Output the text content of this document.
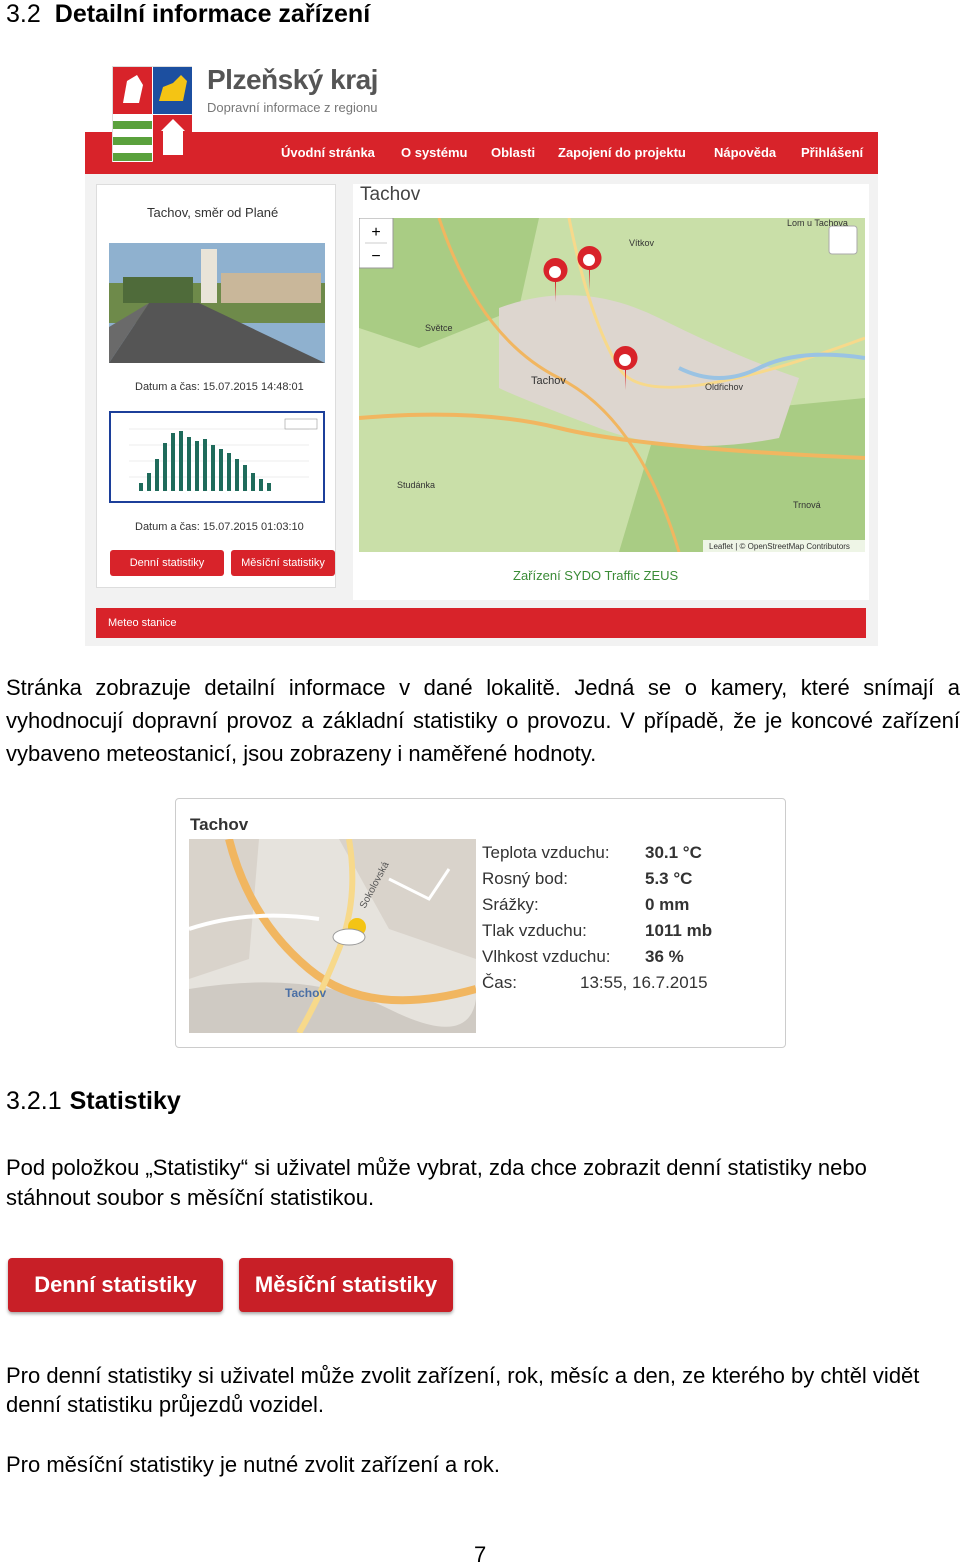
3.2 Detailní informace zařízení
Plzeňský kraj
Dopravní informace z regionu
Úvodní stránka O systému Oblasti Zapojení do projektu Nápověda Přihlášení
Tachov, směr od Plané
Datum a čas: 15.07.2015 14:48:01
Datum a čas: 15.07.2015 01:03:10
Denní statistiky	Měsíční statistiky
Tachov
+
−
Vítkov
Světce
Tachov	Oldřichov
Studánka
Trnová
Lom u Tachova
Leaflet | © OpenStreetMap Contributors
Zařízení SYDO Traffic ZEUS
Meteo stanice

Stránka zobrazuje detailní informace v dané lokalitě. Jedná se o kamery, které snímají a vyhodnocují dopravní provoz a základní statistiky o provozu. V případě, že je koncové zařízení vybaveno meteostanicí, jsou zobrazeny i naměřené hodnoty.

Tachov
Tachov
Sokolovská
Teplota vzduchu: 30.1 °C
Rosný bod:	5.3 °C
Srážky:	0 mm
Tlak vzduchu:	1011 mb
Vlhkost vzduchu: 36 %
Čas:	13:55, 16.7.2015
3.2.1 Statistiky

Pod položkou „Statistiky“ si uživatel může vybrat, zda chce zobrazit denní statistiky nebo stáhnout soubor s měsíční statistikou.

Denní statistiky	Měsíční statistiky

Pro denní statistiky si uživatel může zvolit zařízení, rok, měsíc a den, ze kterého by chtěl vidět denní statistiku průjezdů vozidel.

Pro měsíční statistiky je nutné zvolit zařízení a rok.

7
